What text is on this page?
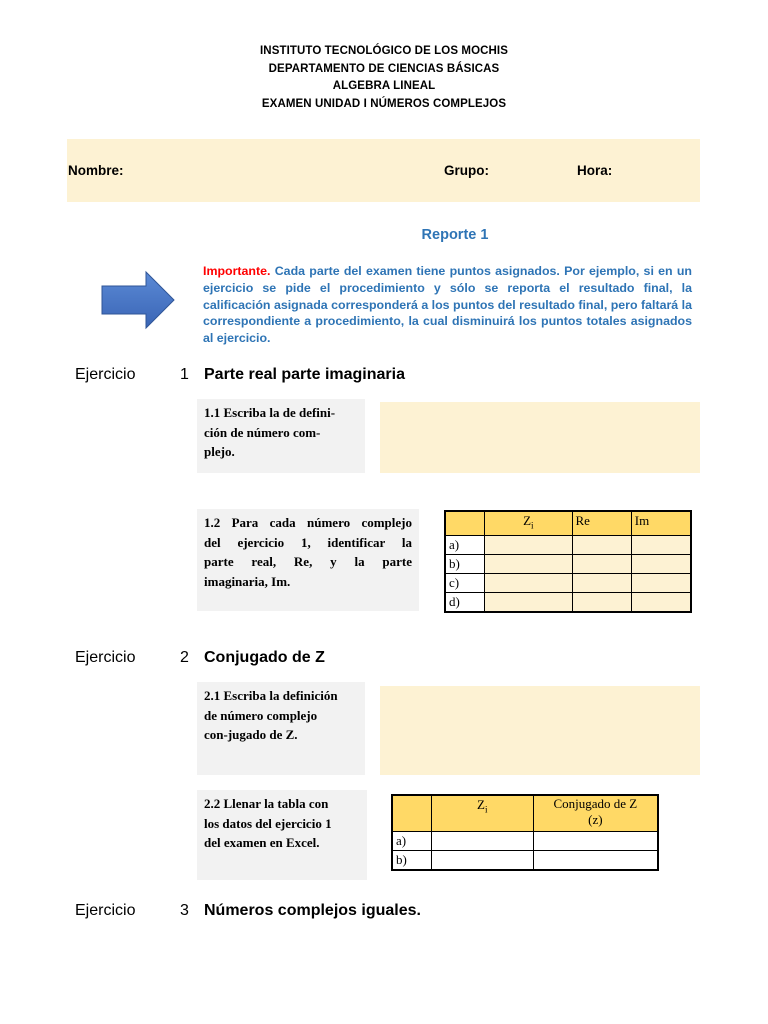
INSTITUTO TECNOLÓGICO DE LOS MOCHIS
DEPARTAMENTO DE CIENCIAS BÁSICAS
ALGEBRA LINEAL
EXAMEN UNIDAD I NÚMEROS COMPLEJOS
Nombre:	Grupo:	Hora:
Reporte 1
Importante. Cada parte del examen tiene puntos asignados. Por ejemplo, si en un ejercicio se pide el procedimiento y sólo se reporta el resultado final, la calificación asignada corresponderá a los puntos del resultado final, pero faltará la correspondiente a procedimiento, la cual disminuirá los puntos totales asignados al ejercicio.
Ejercicio	1 Parte real parte imaginaria
1.1 Escriba la de defini-
ción de número com-
plejo.
1.2 Para cada número complejo
del ejercicio 1, identificar la
parte real, Re, y la parte
imaginaria, Im.
	$Z_i$	Re	Im
a)			
b)			
c)			
d)			
Ejercicio	2 Conjugado de Z
2.1 Escriba la definición
de número complejo
con-jugado de Z.
2.2 Llenar la tabla con
los datos del ejercicio 1
del examen en Excel.
	$Z_i$	Conjugado de Z
(z)

a)		
b)		
Ejercicio	3 Números complejos iguales.
